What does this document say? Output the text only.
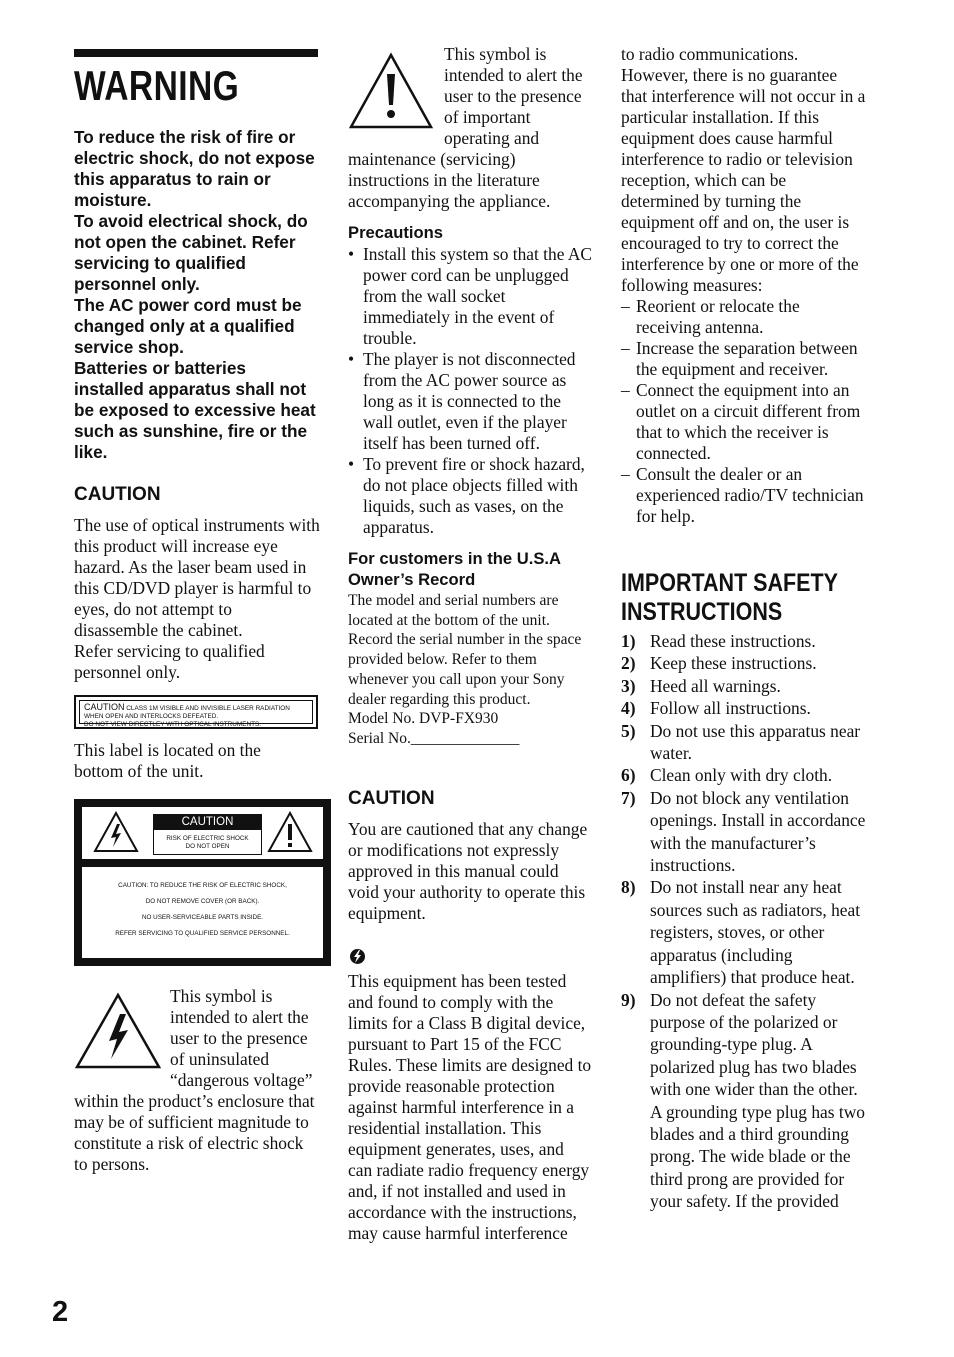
WARNING

To reduce the risk of fire or electric shock, do not expose this apparatus to rain or moisture.

To avoid electrical shock, do not open the cabinet. Refer servicing to qualified personnel only.

The AC power cord must be changed only at a qualified service shop.

Batteries or batteries installed apparatus shall not be exposed to excessive heat such as sunshine, fire or the like.

CAUTION

The use of optical instruments with this product will increase eye hazard. As the laser beam used in this CD/DVD player is harmful to eyes, do not attempt to disassemble the cabinet.

Refer servicing to qualified personnel only.

CAUTION CLASS 1M VISIBLE AND INVISIBLE LASER RADIATION
WHEN OPEN AND INTERLOCKS DEFEATED.
DO NOT VIEW DIRECTLEY WITH OPTICAL INSTRUMENTS.
This label is located on the bottom of the unit.
CAUTION
RISK OF ELECTRIC SHOCK
DO NOT OPEN
CAUTION: TO REDUCE THE RISK OF ELECTRIC SHOCK,
DO NOT REMOVE COVER (OR BACK).
NO USER-SERVICEABLE PARTS INSIDE.
REFER SERVICING TO QUALIFIED SERVICE PERSONNEL.
This symbol is intended to alert the user to the presence of uninsulated “dangerous voltage” within the product’s enclosure that may be of sufficient magnitude to constitute a risk of electric shock to persons.
This symbol is intended to alert the user to the presence of important operating and maintenance (servicing) instructions in the literature accompanying the appliance.
Precautions
• Install this system so that the AC power cord can be unplugged from the wall socket immediately in the event of trouble.
• The player is not disconnected from the AC power source as long as it is connected to the wall outlet, even if the player itself has been turned off.
• To prevent fire or shock hazard, do not place objects filled with liquids, such as vases, on the apparatus.
For customers in the U.S.A
Owner’s Record

The model and serial numbers are located at the bottom of the unit. Record the serial number in the space provided below. Refer to them

whenever you call upon your Sony dealer regarding this product.

Model No. DVP-FX930

Serial No.______________

CAUTION
You are cautioned that any change or modifications not expressly approved in this manual could void your authority to operate this equipment.
This equipment has been tested and found to comply with the limits for a Class B digital device, pursuant to Part 15 of the FCC Rules. These limits are designed to provide reasonable protection against harmful interference in a residential installation. This equipment generates, uses, and can radiate radio frequency energy and, if not installed and used in accordance with the instructions, may cause harmful interference

to radio communications. However, there is no guarantee that interference will not occur in a particular installation. If this equipment does cause harmful interference to radio or television reception, which can be determined by turning the equipment off and on, the user is encouraged to try to correct the interference by one or more of the following measures:

– Reorient or relocate the receiving antenna.
– Increase the separation between the equipment and receiver.
– Connect the equipment into an outlet on a circuit different from that to which the receiver is connected.
– Consult the dealer or an experienced radio/TV technician for help.
IMPORTANT SAFETY INSTRUCTIONS
1) Read these instructions.
2) Keep these instructions.
3) Heed all warnings.
4) Follow all instructions.
5) Do not use this apparatus near water.
6) Clean only with dry cloth.
7) Do not block any ventilation openings. Install in accordance with the manufacturer’s instructions.
8) Do not install near any heat sources such as radiators, heat registers, stoves, or other apparatus (including amplifiers) that produce heat.
9) Do not defeat the safety purpose of the polarized or grounding-type plug. A polarized plug has two blades with one wider than the other. A grounding type plug has two blades and a third grounding prong. The wide blade or the third prong are provided for your safety. If the provided
2
